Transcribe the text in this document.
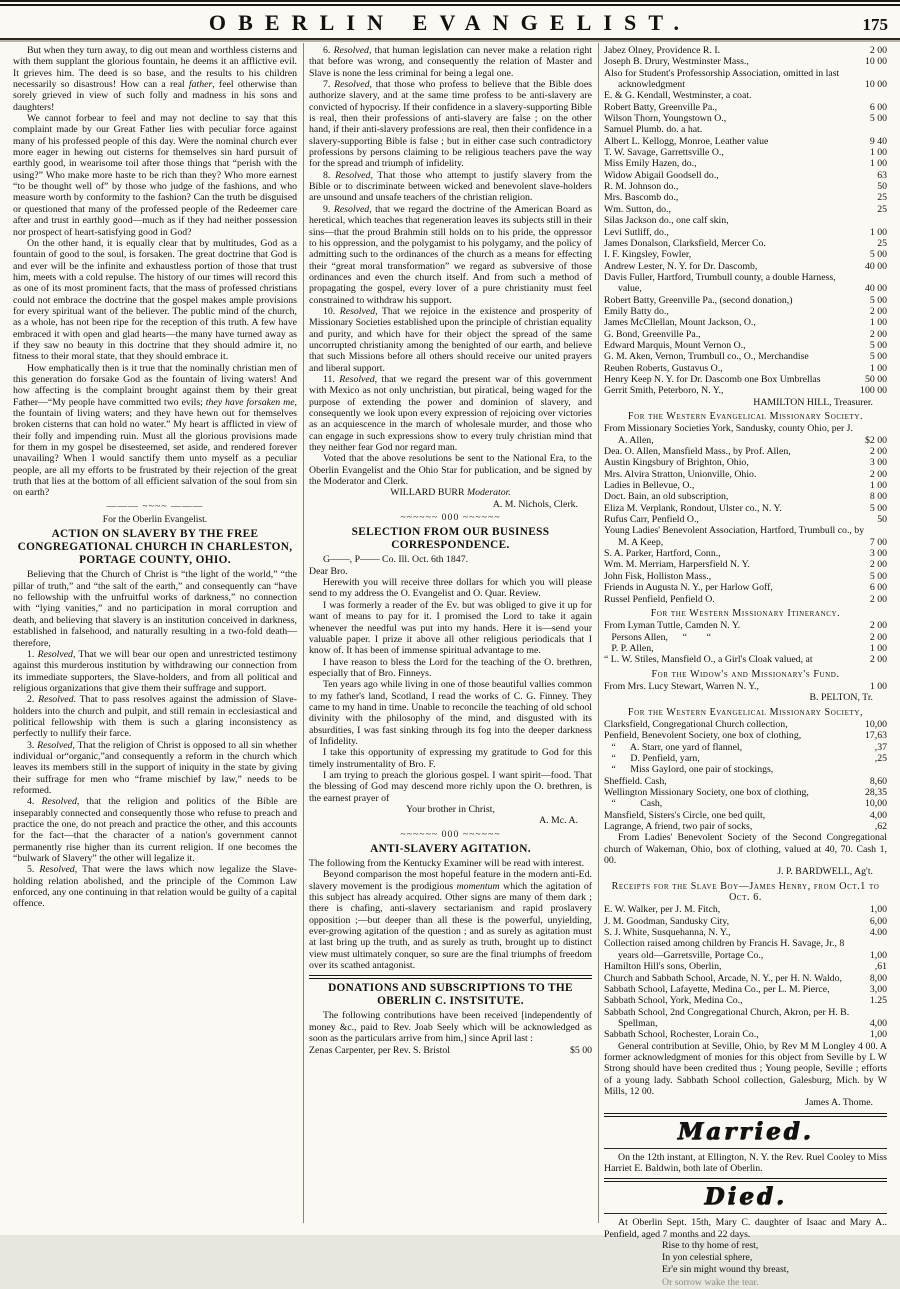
OBERLIN EVANGELIST.	175
But when they turn away, to dig out mean and worthless cisterns and with them supplant the glorious fountain, he deems it an afflictive evil. It grieves him. The deed is so base, and the results to his children necessarily so disastrous! How can a real father, feel otherwise than sorely grieved in view of such folly and madness in his sons and daughters!
We cannot forbear to feel and may not decline to say that this complaint made by our Great Father lies with peculiar force against many of his professed people of this day. Were the nominal church ever more eager in hewing out cisterns for themselves sin hard pursuit of earthly good, in wearisome toil after those things that “perish with the using?” Who make more haste to be rich than they? Who more earnest “to be thought well of” by those who judge of the fashions, and who measure worth by conformity to the fashion? Can the truth be disguised or questioned that many of the professed people of the Redeemer care after and trust in earthly good—much as if they had neither possession nor prospect of heart-satisfying good in God?
On the other hand, it is equally clear that by multitudes, God as a fountain of good to the soul, is forsaken. The great doctrine that God is and ever will be the infinite and exhaustless portion of those that trust him, meets with a cold repulse. The history of our times will record this as one of its most prominent facts, that the mass of professed christians could not embrace the doctrine that the gospel makes ample provisions for every spiritual want of the believer. The public mind of the church, as a whole, has not been ripe for the reception of this truth. A few have embraced it with open and glad hearts—the many have turned away as if they saw no beauty in this doctrine that they should admire it, no fitness to their moral state, that they should embrace it.
How emphatically then is it true that the nominally christian men of this generation do forsake God as the fountain of living waters! And how affecting is the complaint brought against them by their great Father—“My people have committed two evils; they have forsaken me, the fountain of living waters; and they have hewn out for themselves broken cisterns that can hold no water.” My heart is afflicted in view of their folly and impending ruin. Must all the glorious provisions made for them in my gospel be disesteemed, set aside, and rendered forever unavailing? When I would sanctify them unto myself as a peculiar people, are all my efforts to be frustrated by their rejection of the great truth that lies at the bottom of all efficient salvation of the soul from sin on earth?
——— ~~~~ ———
For the Oberlin Evangelist.
ACTION ON SLAVERY BY THE FREE CONGREGATIONAL CHURCH IN CHARLESTON, PORTAGE COUNTY, OHIO.
Believing that the Church of Christ is “the light of the world,” “the pillar of truth,” and “the salt of the earth,” and consequently can “have no fellowship with the unfruitful works of darkness,” no connection with “lying vanities,” and no participation in moral corruption and death, and believing that slavery is an institution conceived in darkness, established in falsehood, and naturally resulting in a two-fold death—therefore,
1. Resolved, That we will bear our open and unrestricted testimony against this murderous institution by withdrawing our connection from its immediate supporters, the Slave-holders, and from all political and religious organizations that give them their suffrage and support.
2. Resolved. That to pass resolves against the admission of Slave-holders into the church and pulpit, and still remain in ecclesiastical and political fellowship with them is such a glaring inconsistency as perfectly to nullify their farce.
3. Resolved, That the religion of Christ is opposed to all sin whether individual or“organic,”and consequently a reform in the church which leaves its members still in the support of iniquity in the state by giving their suffrage for men who “frame mischief by law,” needs to be reformed.
4. Resolved, that the religion and politics of the Bible are inseparably connected and consequently those who refuse to preach and practice the one, do not preach and practice the other, and this accounts for the fact—that the character of a nation's government cannot permanently rise higher than its current religion. If one becomes the “bulwark of Slavery” the other will legalize it.
5. Resolved, That were the laws which now legalize the Slave-holding relation abolished, and the principle of the Common Law enforced, any one continuing in that relation would be guilty of a capital offence.
6. Resolved, that human legislation can never make a relation right that before was wrong, and consequently the relation of Master and Slave is none the less criminal for being a legal one.
7. Resolved, that those who profess to believe that the Bible does authorize slavery, and at the same time profess to be anti-slavery are convicted of hypocrisy. If their confidence in a slavery-supporting Bible is real, then their professions of anti-slavery are false ; on the other hand, if their anti-slavery professions are real, then their confidence in a slavery-supporting Bible is false ; but in either case such contradictory professions by persons claiming to be religious teachers pave the way for the spread and triumph of infidelity.
8. Resolved, That those who attempt to justify slavery from the Bible or to discriminate between wicked and benevolent slave-holders are unsound and unsafe teachers of the christian religion.
9. Resolved, that we regard the doctrine of the American Board as heretical, which teaches that regeneration leaves its subjects still in their sins—that the proud Brahmin still holds on to his pride, the oppressor to his oppression, and the polygamist to his polygamy, and the policy of admitting such to the ordinances of the church as a means for effecting their “great moral transformation” we regard as subversive of those ordinances and even the church itself. And from such a method of propagating the gospel, every lover of a pure christianity must feel constrained to withdraw his support.
10. Resolved, That we rejoice in the existence and prosperity of Missionary Societies established upon the principle of christian equality and purity, and which have for their object the spread of the same uncorrupted christianity among the benighted of our earth, and believe that such Missions before all others should receive our united prayers and liberal support.
11. Resolved, that we regard the present war of this government with Mexico as not only unchristian, but piratical, being waged for the purpose of extending the power and dominion of slavery, and consequently we look upon every expression of rejoicing over victories as an acquiescence in the march of wholesale murder, and those who can engage in such expressions show to every truly christian mind that they neither fear God nor regard man.
Voted that the above resolutions be sent to the National Era, to the Oberlin Evangelist and the Ohio Star for publication, and be signed by the Moderator and Clerk.
WILLARD BURR Moderator.
A. M. Nichols, Clerk.
~~~~~~ 000 ~~~~~~
SELECTION FROM OUR BUSINESS CORRESPONDENCE.
G——, P—— Co. Ill. Oct. 6th 1847.
Dear Bro.
Herewith you will receive three dollars for which you will please send to my address the O. Evangelist and O. Quar. Review.
I was formerly a reader of the Ev. but was obliged to give it up for want of means to pay for it. I promised the Lord to take it again whenever the needful was put into my hands. Here it is—send your valuable paper. I prize it above all other religious periodicals that I know of. It has been of immense spiritual advantage to me.
I have reason to bless the Lord for the teaching of the O. brethren, especially that of Bro. Finneys.
Ten years ago while living in one of those beautiful vallies common to my father's land, Scotland, I read the works of C. G. Finney. They came to my hand in time. Unable to reconcile the teaching of old school divinity with the philosophy of the mind, and disgusted with its absurdities, I was fast sinking through its fog into the deeper darkness of Infidelity.
I take this opportunity of expressing my gratitude to God for this timely instrumentality of Bro. F.
I am trying to preach the glorious gospel. I want spirit—food. That the blessing of God may descend more richly upon the O. brethren, is the earnest prayer of
Your brother in Christ,
A. Mc. A.
~~~~~~ 000 ~~~~~~
ANTI-SLAVERY AGITATION.
The following from the Kentucky Examiner will be read with interest.
Ed.
Beyond comparison the most hopeful feature in the modern anti-slavery movement is the prodigious momentum which the agitation of this subject has already acquired. Other signs are many of them dark ; there is chafing, anti-slavery sectarianism and rapid proslavery opposition ;—but deeper than all these is the powerful, unyielding, ever-growing agitation of the question ; and as surely as agitation must at last bring up the truth, and as surely as truth, brought up to distinct view must ultimately conquer, so sure are the final triumphs of freedom over its scathed antagonist.
DONATIONS AND SUBSCRIPTIONS TO THE OBERLIN C. INSTSITUTE.
The following contributions have been received [independently of money &c., paid to Rev. Joab Seely which will be acknowledged as soon as the particulars arrive from him,] since April last :
Zenas Carpenter, per Rev. S. Bristol	$5 00
Jabez Olney, Providence R. I.	2 00
Joseph B. Drury, Westminster Mass.,	10 00
Also for Student's Professorship Association, omitted in last acknowledgment	10 00
E. & G. Kendall, Westminster, a coat.
Robert Batty, Greenville Pa.,	6 00
Wilson Thorn, Youngstown O.,	5 00
Samuel Plumb. do. a hat.
Albert L. Kellogg, Monroe, Leather value	9 40
T. W. Savage, Garrettsville O.,	1 00
Miss Emily Hazen, do.,	1 00
Widow Abigail Goodsell do.,	63
R. M. Johnson do.,	50
Mrs. Bascomb do.,	25
Wm. Sutton, do.,	25
Silas Jackson do., one calf skin,
Levi Sutliff, do.,	1 00
James Donalson, Clarksfield, Mercer Co.	25
I. F. Kingsley, Fowler,	5 00
Andrew Lester, N. Y. for Dr. Dascomb,	40 00
Davis Fuller, Hartford, Trumbull county, a double Harness, value,	40 00
Robert Batty, Greenville Pa., (second donation,)	5 00
Emily Batty do.,	2 00
James McCllellan, Mount Jackson, O.,	1 00
G. Bond, Greenville Pa.,	2 00
Edward Marquis, Mount Vernon O.,	5 00
G. M. Aken, Vernon, Trumbull co., O., Merchandise	5 00
Reuben Roberts, Gustavus O.,	1 00
Henry Keep N. Y. for Dr. Dascomb one Box Umbrellas	50 00
Gerrit Smith, Peterboro, N. Y.,	100 00
HAMILTON HILL, Treasurer.
For the Western Evangelical Missionary Society.
From Missionary Societies York, Sandusky, county Ohio, per J. A. Allen,	$2 00
Dea. O. Allen, Mansfield Mass., by Prof. Allen,	2 00
Austin Kingsbury of Brighton, Ohio,	3 00
Mrs. Alvira Stratton, Unionville, Ohio.	2 00
Ladies in Bellevue, O.,	1 00
Doct. Bain, an old subscription,	8 00
Eliza M. Verplank, Rondout, Ulster co., N. Y.	5 00
Rufus Carr, Penfield O.,	50
Young Ladies' Benevolent Association, Hartford, Trumbull co., by M. A Keep,	7 00
S. A. Parker, Hartford, Conn.,	3 00
Wm. M. Merriam, Harpersfield N. Y.	2 00
John Fisk, Holliston Mass.,	5 00
Friends in Augusta N. Y., per Harlow Goff,	6 00
Russel Penfield, Penfield O.	2 00
For the Western Missionary Itinerancy.
From Lyman Tuttle, Camden N. Y.	2 00
Persons Allen,      “        “	2 00
P. P. Allen,	1 00
“ L. W. Stiles, Mansfield O., a Girl's Cloak valued, at	2 00
For the Widow's and Missionary's Fund.
From Mrs. Lucy Stewart, Warren N. Y.,	1 00
B. PELTON, Tr.
For the Western Evangelical Missionary Society,
Clarksfield, Congregational Church collection,	10,00
Penfield, Benevolent Society, one box of clothing,	17,63
“      A. Starr, one yard of flannel,	,37
“      D. Penfield, yarn,	,25
“      Miss Gaylord, one pair of stockings,
Sheffield. Cash,	8,60
Wellington Missionary Society, one box of clothing,	28,35
“          Cash,	10,00
Mansfield, Sisters's Circle, one bed quilt,	4,00
Lagrange, A friend, two pair of socks,	,62
From Ladies' Benevolent Society of the Second Congregational church of Wakeman, Ohio, box of clothing, valued at 40, 70. Cash 1, 00.
J. P. BARDWELL, Ag't.
Receipts for the Slave Boy—James Henry, from Oct.1 to Oct. 6.
E. W. Walker, per J. M. Fitch,	1,00
J. M. Goodman, Sandusky City,	6,00
S. J. White, Susquehanna, N. Y.,	4.00
Collection raised among children by Francis H. Savage, Jr., 8 years old—Garretsville, Portage Co.,	1,00
Hamilton Hill's sons, Oberlin,	,61
Church and Sabbath School, Arcade, N. Y., per H. N. Waldo,	8,00
Sabbath School, Lafayette, Medina Co., per L. M. Pierce,	3,00
Sabbath School, York, Medina Co.,	1.25
Sabbath School, 2nd Congregational Church, Akron, per H. B. Spellman,	4,00
Sabbath School, Rochester, Lorain Co.,	1,00
General contribution at Seville, Ohio, by Rev M M Longley 4 00. A former acknowledgment of monies for this object from Seville by L W Strong should have been credited thus ; Young people, Seville ; efforts of a young lady. Sabbath School collection, Galesburg, Mich. by W Mills, 12 00.
James A. Thome.
Married.
On the 12th instant, at Ellington, N. Y. the Rev. Ruel Cooley to Miss Harriet E. Baldwin, both late of Oberlin.
Died.
At Oberlin Sept. 15th, Mary C. daughter of Isaac and Mary A.. Penfield, aged 7 months and 22 days.
Rise to thy home of rest,
In yon celestial sphere,
Er'e sin might wound thy breast,
Or sorrow wake the tear.
